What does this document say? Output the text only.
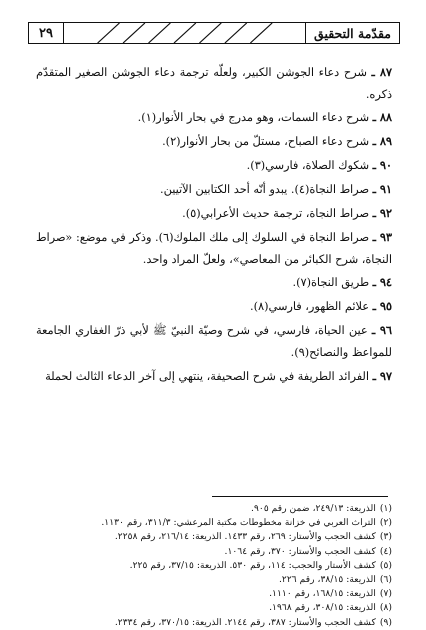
٢٩	مقدّمة التحقيق

٨٧ ـ شرح دعاء الجوشن الكبير، ولعلّه ترجمة دعاء الجوشن الصغير المتقدّم ذكره.

٨٨ ـ شرح دعاء السمات، وهو مدرج في بحار الأنوار(١).

٨٩ ـ شرح دعاء الصباح، مستلّ من بحار الأنوار(٢).

٩٠ ـ شكوك الصلاة، فارسي(٣).

٩١ ـ صراط النجاة(٤). يبدو أنّه أحد الكتابين الآتيين.

٩٢ ـ صراط النجاة، ترجمة حديث الأعرابي(٥).

٩٣ ـ صراط النجاة في السلوك إلى ملك الملوك(٦). وذكر في موضع: «صراط النجاة، شرح الكبائر من المعاصي»، ولعلّ المراد واحد.

٩٤ ـ طريق النجاة(٧).

٩٥ ـ علائم الظهور، فارسي(٨).

٩٦ ـ عين الحياة، فارسي، في شرح وصيّة النبيّ ﷺ لأبي ذرّ الغفاري الجامعة للمواعظ والنصائح(٩).

٩٧ ـ الفرائد الطريفة في شرح الصحيفة، ينتهي إلى آخر الدعاء الثالث لحملة

(١)الذريعة: ٢٤٩/١٣، ضمن رقم ٩٠٥.
(٢)التراث العربي في خزانة مخطوطات مكتبة المرعشي: ٣١١/٣، رقم ١١٣٠.
(٣)كشف الحجب والأستار: ٢٦٩، رقم ١٤٣٣. الذريعة: ٢١٦/١٤، رقم ٢٢٥٨.
(٤)كشف الحجب والأستار: ٣٧٠، رقم ١٠٦٤.
(٥)كشف الأستار والحجب: ١١٤، رقم ٥٣٠. الذريعة: ٣٧/١٥، رقم ٢٢٥.
(٦)الذريعة: ٣٨/١٥، رقم ٢٢٦.
(٧)الذريعة: ١٦٨/١٥، رقم ١١١٠.
(٨)الذريعة: ٣٠٨/١٥، رقم ١٩٦٨.
(٩)كشف الحجب والأستار: ٣٨٧، رقم ٢١٤٤. الذريعة: ٣٧٠/١٥، رقم ٢٣٣٤.
